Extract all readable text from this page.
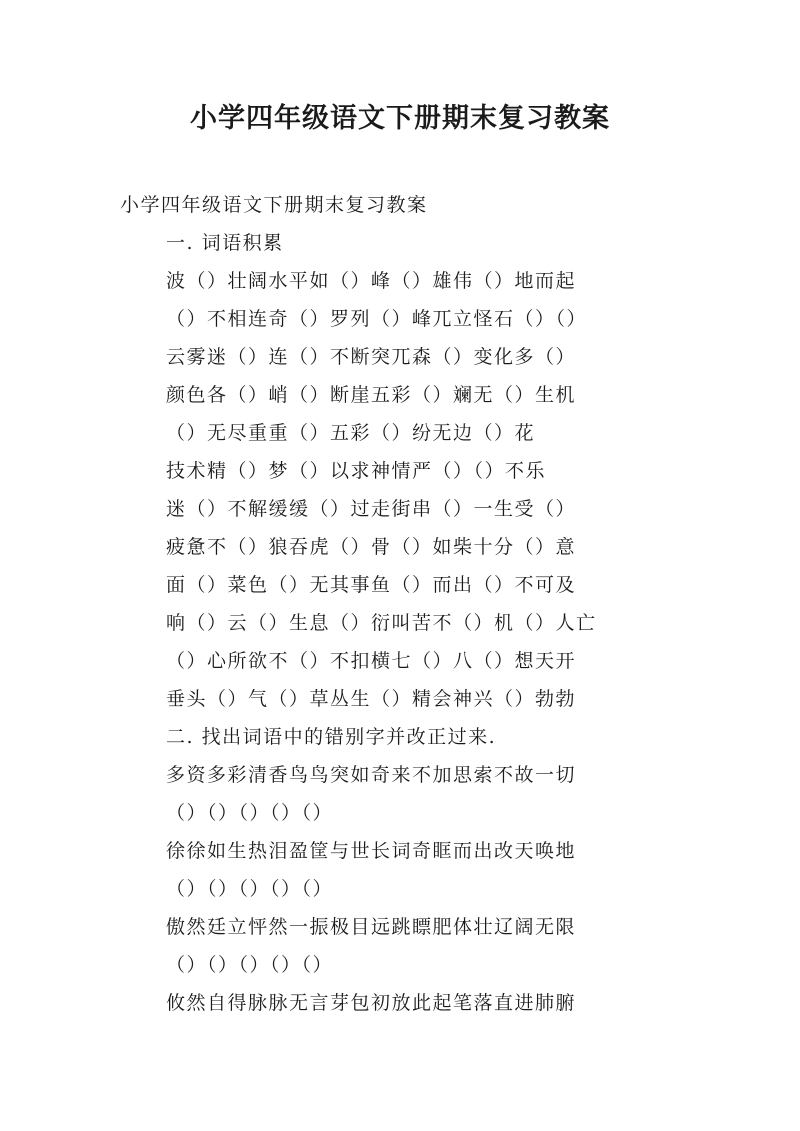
小学四年级语文下册期末复习教案
小学四年级语文下册期末复习教案
一. 词语积累
波（）壮阔水平如（）峰（）雄伟（）地而起
（）不相连奇（）罗列（）峰兀立怪石（）（）
云雾迷（）连（）不断突兀森（）变化多（）
颜色各（）峭（）断崖五彩（）斓无（）生机
（）无尽重重（）五彩（）纷无边（）花
技术精（）梦（）以求神情严（）（）不乐
迷（）不解缓缓（）过走街串（）一生受（）
疲惫不（）狼吞虎（）骨（）如柴十分（）意
面（）菜色（）无其事鱼（）而出（）不可及
响（）云（）生息（）衍叫苦不（）机（）人亡
（）心所欲不（）不扣横七（）八（）想天开
垂头（）气（）草丛生（）精会神兴（）勃勃
二. 找出词语中的错别字并改正过来.
多资多彩清香鸟鸟突如奇来不加思索不故一切
（）（）（）（）（）
徐徐如生热泪盈筐与世长词奇眶而出改天唤地
（）（）（）（）（）
傲然廷立怦然一振极目远跳瞟肥体壮辽阔无限
（）（）（）（）（）
攸然自得脉脉无言芽包初放此起笔落直进肺腑
